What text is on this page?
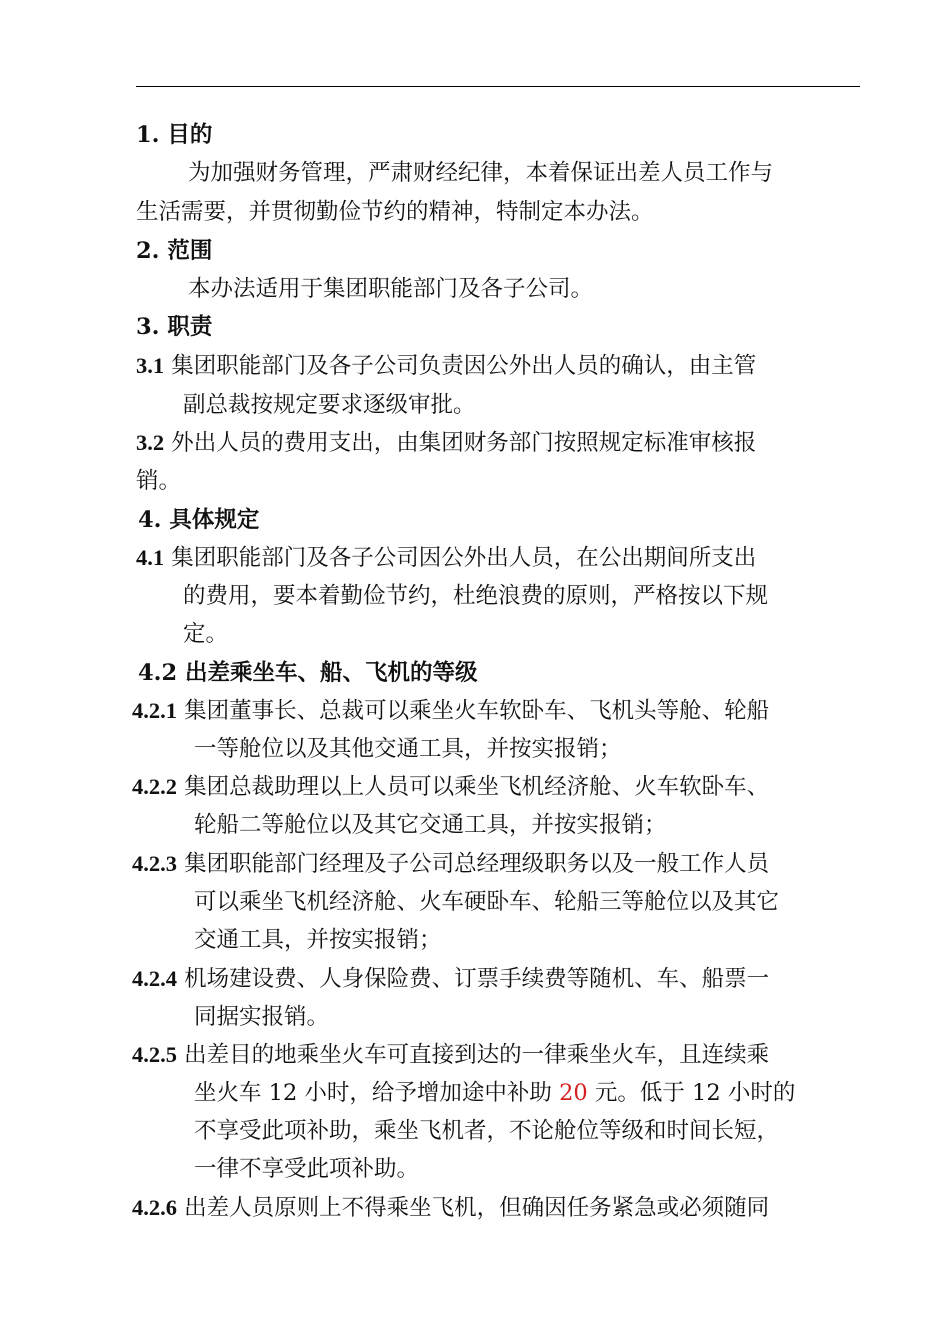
1. 目的
为加强财务管理，严肃财经纪律，本着保证出差人员工作与
生活需要，并贯彻勤俭节约的精神，特制定本办法。
2. 范围
本办法适用于集团职能部门及各子公司。
3. 职责
3.1 集团职能部门及各子公司负责因公外出人员的确认，由主管
副总裁按规定要求逐级审批。
3.2 外出人员的费用支出，由集团财务部门按照规定标准审核报
销。
4. 具体规定
4.1 集团职能部门及各子公司因公外出人员，在公出期间所支出
的费用，要本着勤俭节约，杜绝浪费的原则，严格按以下规
定。
4.2 出差乘坐车、船、飞机的等级
4.2.1 集团董事长、总裁可以乘坐火车软卧车、飞机头等舱、轮船
一等舱位以及其他交通工具，并按实报销；
4.2.2 集团总裁助理以上人员可以乘坐飞机经济舱、火车软卧车、
轮船二等舱位以及其它交通工具，并按实报销；
4.2.3 集团职能部门经理及子公司总经理级职务以及一般工作人员
可以乘坐飞机经济舱、火车硬卧车、轮船三等舱位以及其它
交通工具，并按实报销；
4.2.4 机场建设费、人身保险费、订票手续费等随机、车、船票一
同据实报销。
4.2.5 出差目的地乘坐火车可直接到达的一律乘坐火车，且连续乘
坐火车 12 小时，给予增加途中补助 20 元。低于 12 小时的
不享受此项补助，乘坐飞机者，不论舱位等级和时间长短，
一律不享受此项补助。
4.2.6 出差人员原则上不得乘坐飞机，但确因任务紧急或必须随同
